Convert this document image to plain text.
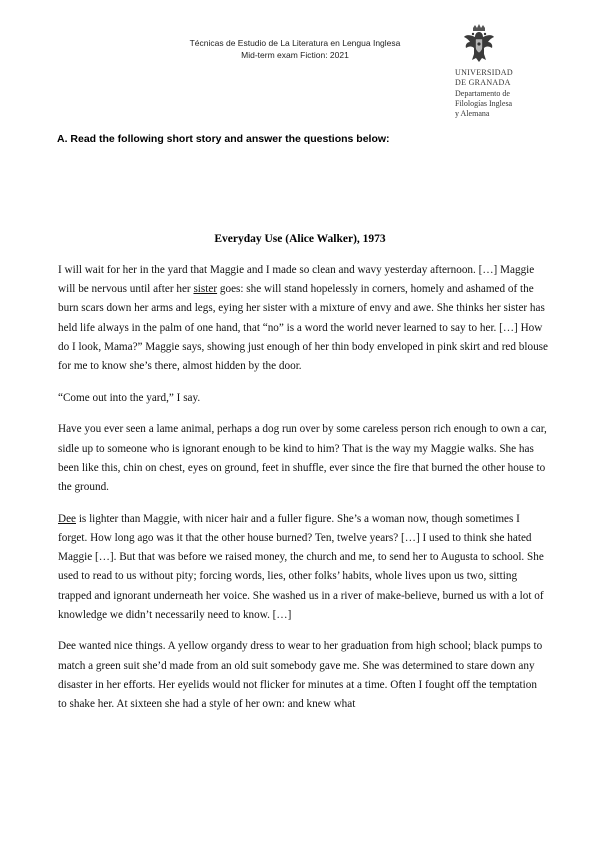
Técnicas de Estudio de La Literatura en Lengua Inglesa
Mid-term exam Fiction: 2021
UNIVERSIDAD
DE GRANADA
Departamento de
Filologías Inglesa
y Alemana
A. Read the following short story and answer the questions below:
Everyday Use (Alice Walker), 1973

I will wait for her in the yard that Maggie and I made so clean and wavy yesterday afternoon. […] Maggie will be nervous until after her sister goes: she will stand hopelessly in corners, homely and ashamed of the burn scars down her arms and legs, eying her sister with a mixture of envy and awe. She thinks her sister has held life always in the palm of one hand, that “no” is a word the world never learned to say to her. […] How do I look, Mama?” Maggie says, showing just enough of her thin body enveloped in pink skirt and red blouse for me to know she’s there, almost hidden by the door.

“Come out into the yard,” I say.

Have you ever seen a lame animal, perhaps a dog run over by some careless person rich enough to own a car, sidle up to someone who is ignorant enough to be kind to him? That is the way my Maggie walks. She has been like this, chin on chest, eyes on ground, feet in shuffle, ever since the fire that burned the other house to the ground.

Dee is lighter than Maggie, with nicer hair and a fuller figure. She’s a woman now, though sometimes I forget. How long ago was it that the other house burned? Ten, twelve years? […] I used to think she hated Maggie […]. But that was before we raised money, the church and me, to send her to Augusta to school. She used to read to us without pity; forcing words, lies, other folks’ habits, whole lives upon us two, sitting trapped and ignorant underneath her voice. She washed us in a river of make-believe, burned us with a lot of knowledge we didn’t necessarily need to know. […]

Dee wanted nice things. A yellow organdy dress to wear to her graduation from high school; black pumps to match a green suit she’d made from an old suit somebody gave me. She was determined to stare down any disaster in her efforts. Her eyelids would not flicker for minutes at a time. Often I fought off the temptation to shake her. At sixteen she had a style of her own: and knew what
